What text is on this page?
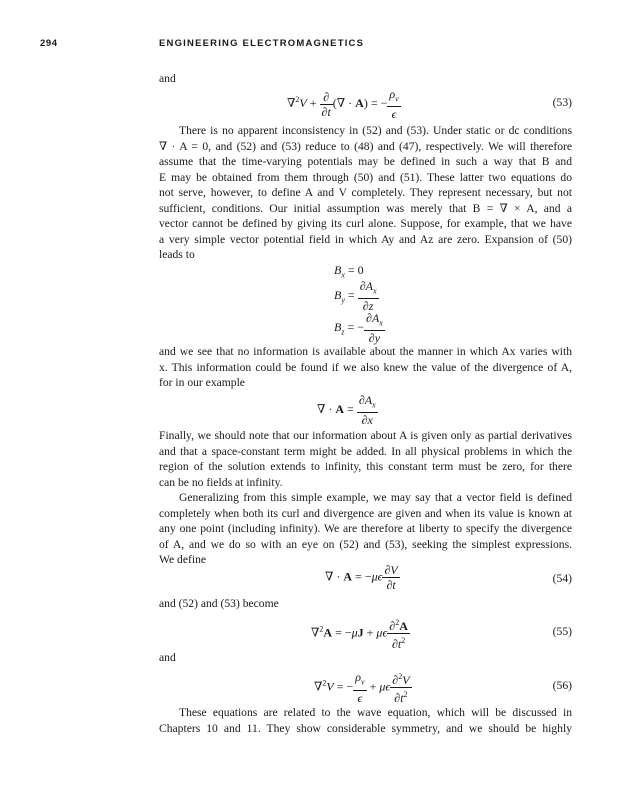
294	ENGINEERING ELECTROMAGNETICS
and
$\nabla^2V + \frac{\partial}{\partial t}$ (∇ · A) = − $\frac{\rho_v}{\epsilon}$	(53)
There is no apparent inconsistency in (52) and (53). Under static or dc conditions
∇ · A = 0, and (52) and (53) reduce to (48) and (47), respectively. We will therefore
assume that the time-varying potentials may be defined in such a way that B and
E may be obtained from them through (50) and (51). These latter two equations do
not serve, however, to define A and V completely. They represent necessary, but not
sufficient, conditions. Our initial assumption was merely that B = ∇ × A, and a
vector cannot be defined by giving its curl alone. Suppose, for example, that we have
a very simple vector potential field in which Ay and Az are zero. Expansion of (50)
leads to
$B_x = 0$
$B_y = \frac{\partial A_x}{\partial z}$
$B_z$ = − $\frac{\partial A_x}{\partial y}$
and we see that no information is available about the manner in which Ax varies with
x. This information could be found if we also knew the value of the divergence of A,
for in our example
∇ · $A = \frac{\partial A_x}{\partial x}$
Finally, we should note that our information about A is given only as partial derivatives
and that a space-constant term might be added. In all physical problems in which the
region of the solution extends to infinity, this constant term must be zero, for there
can be no fields at infinity.
Generalizing from this simple example, we may say that a vector field is defined
completely when both its curl and divergence are given and when its value is known at
any one point (including infinity). We are therefore at liberty to specify the divergence
of A, and we do so with an eye on (52) and (53), seeking the simplest expressions.
We define
∇ · $A = -\mu\epsilon \frac{\partial V}{\partial t}$	(54)
and (52) and (53) become
∇$^2$A = −μJ + μϵ $\frac{\partial^2A}{\partial t^2}$	(55)
and
∇$^2$V = − $\frac{\rho_v}{\epsilon} + \mu\epsilon \frac{\partial^2V}{\partial t^2}$	(56)
These equations are related to the wave equation, which will be discussed in
Chapters 10 and 11. They show considerable symmetry, and we should be highly
